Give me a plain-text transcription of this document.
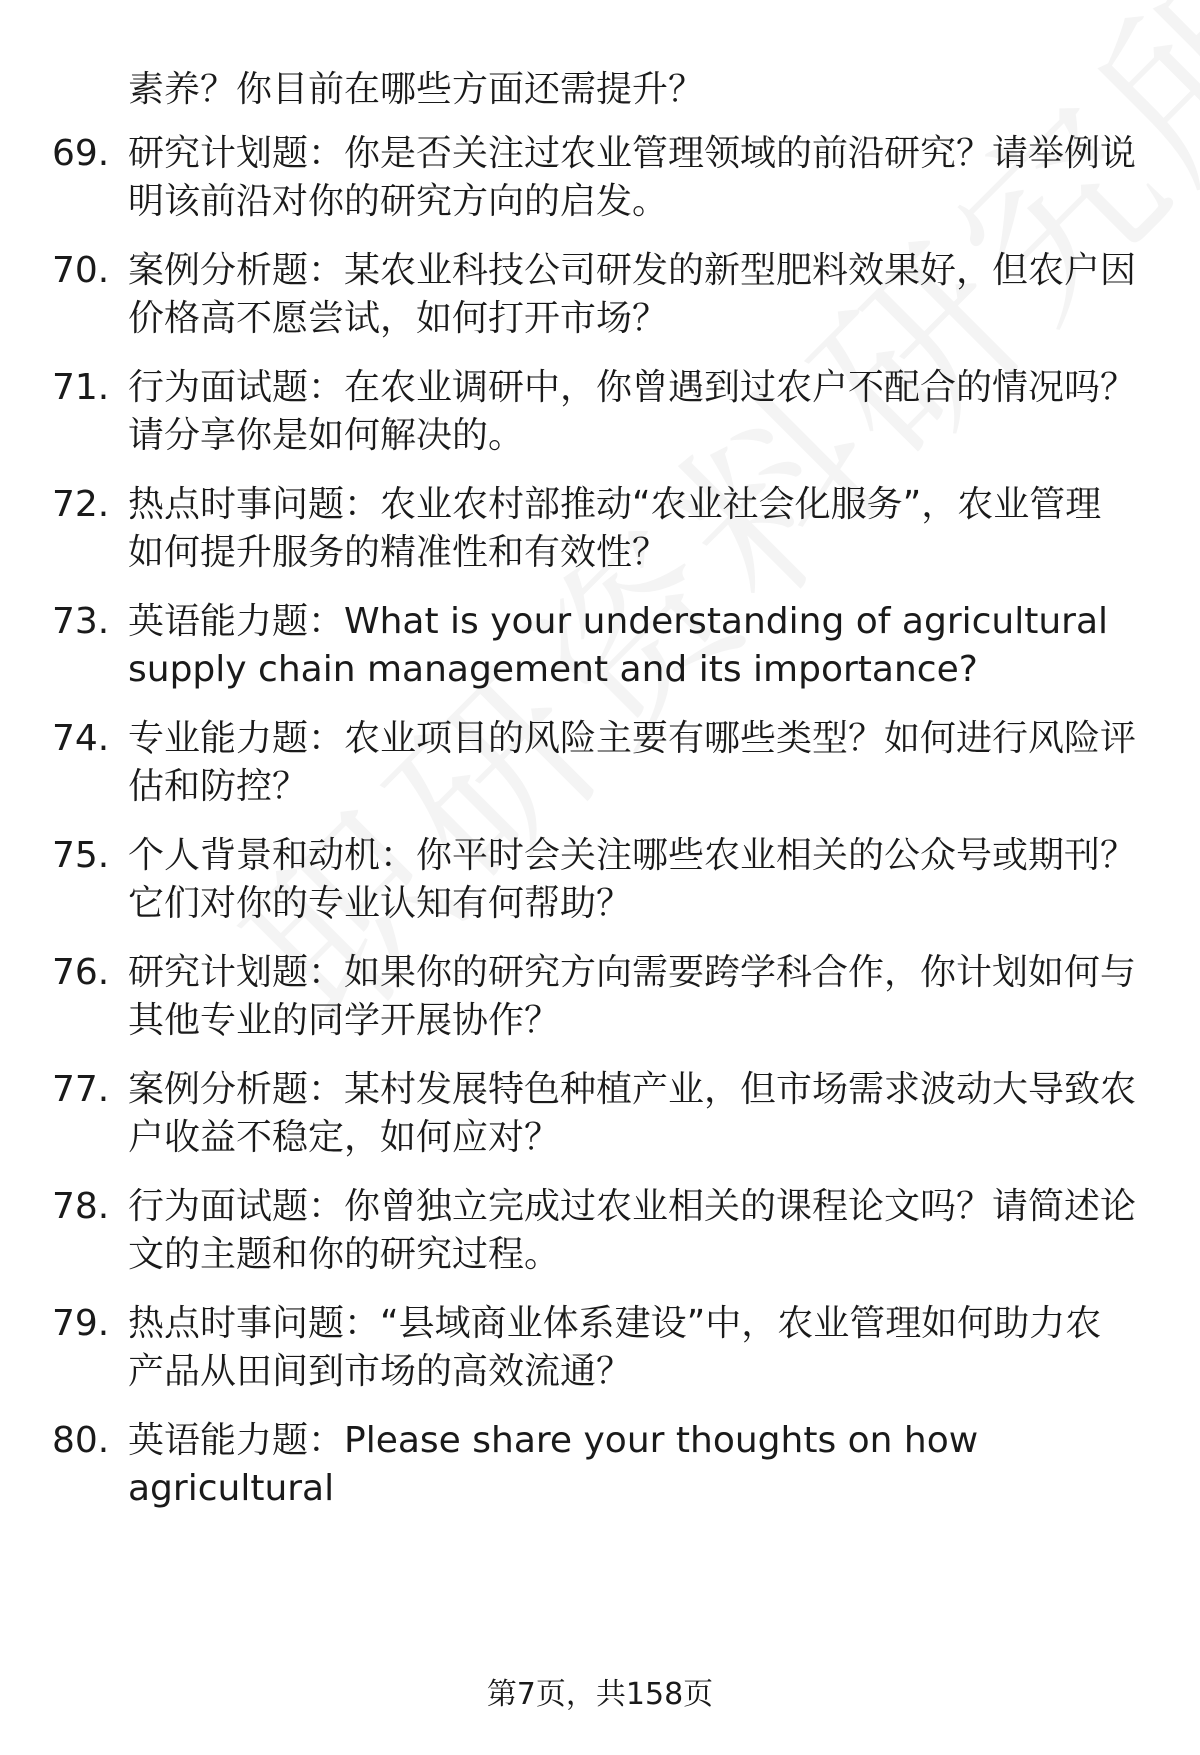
素养？你目前在哪些方面还需提升？
69. 研究计划题：你是否关注过农业管理领域的前沿研究？请举例说
明该前沿对你的研究方向的启发。
70. 案例分析题：某农业科技公司研发的新型肥料效果好，但农户因
价格高不愿尝试，如何打开市场？
71. 行为面试题：在农业调研中，你曾遇到过农户不配合的情况吗？
请分享你是如何解决的。
72. 热点时事问题：农业农村部推动“农业社会化服务”，农业管理
如何提升服务的精准性和有效性？
73. 英语能力题：What is your understanding of agricultural
supply chain management and its importance?
74. 专业能力题：农业项目的风险主要有哪些类型？如何进行风险评
估和防控？
75. 个人背景和动机：你平时会关注哪些农业相关的公众号或期刊？
它们对你的专业认知有何帮助？
76. 研究计划题：如果你的研究方向需要跨学科合作，你计划如何与
其他专业的同学开展协作？
77. 案例分析题：某村发展特色种植产业，但市场需求波动大导致农
户收益不稳定，如何应对？
78. 行为面试题：你曾独立完成过农业相关的课程论文吗？请简述论
文的主题和你的研究过程。
79. 热点时事问题：“县域商业体系建设”中，农业管理如何助力农
产品从田间到市场的高效流通？
80. 英语能力题：Please share your thoughts on how agricultural
第7页，共158页
